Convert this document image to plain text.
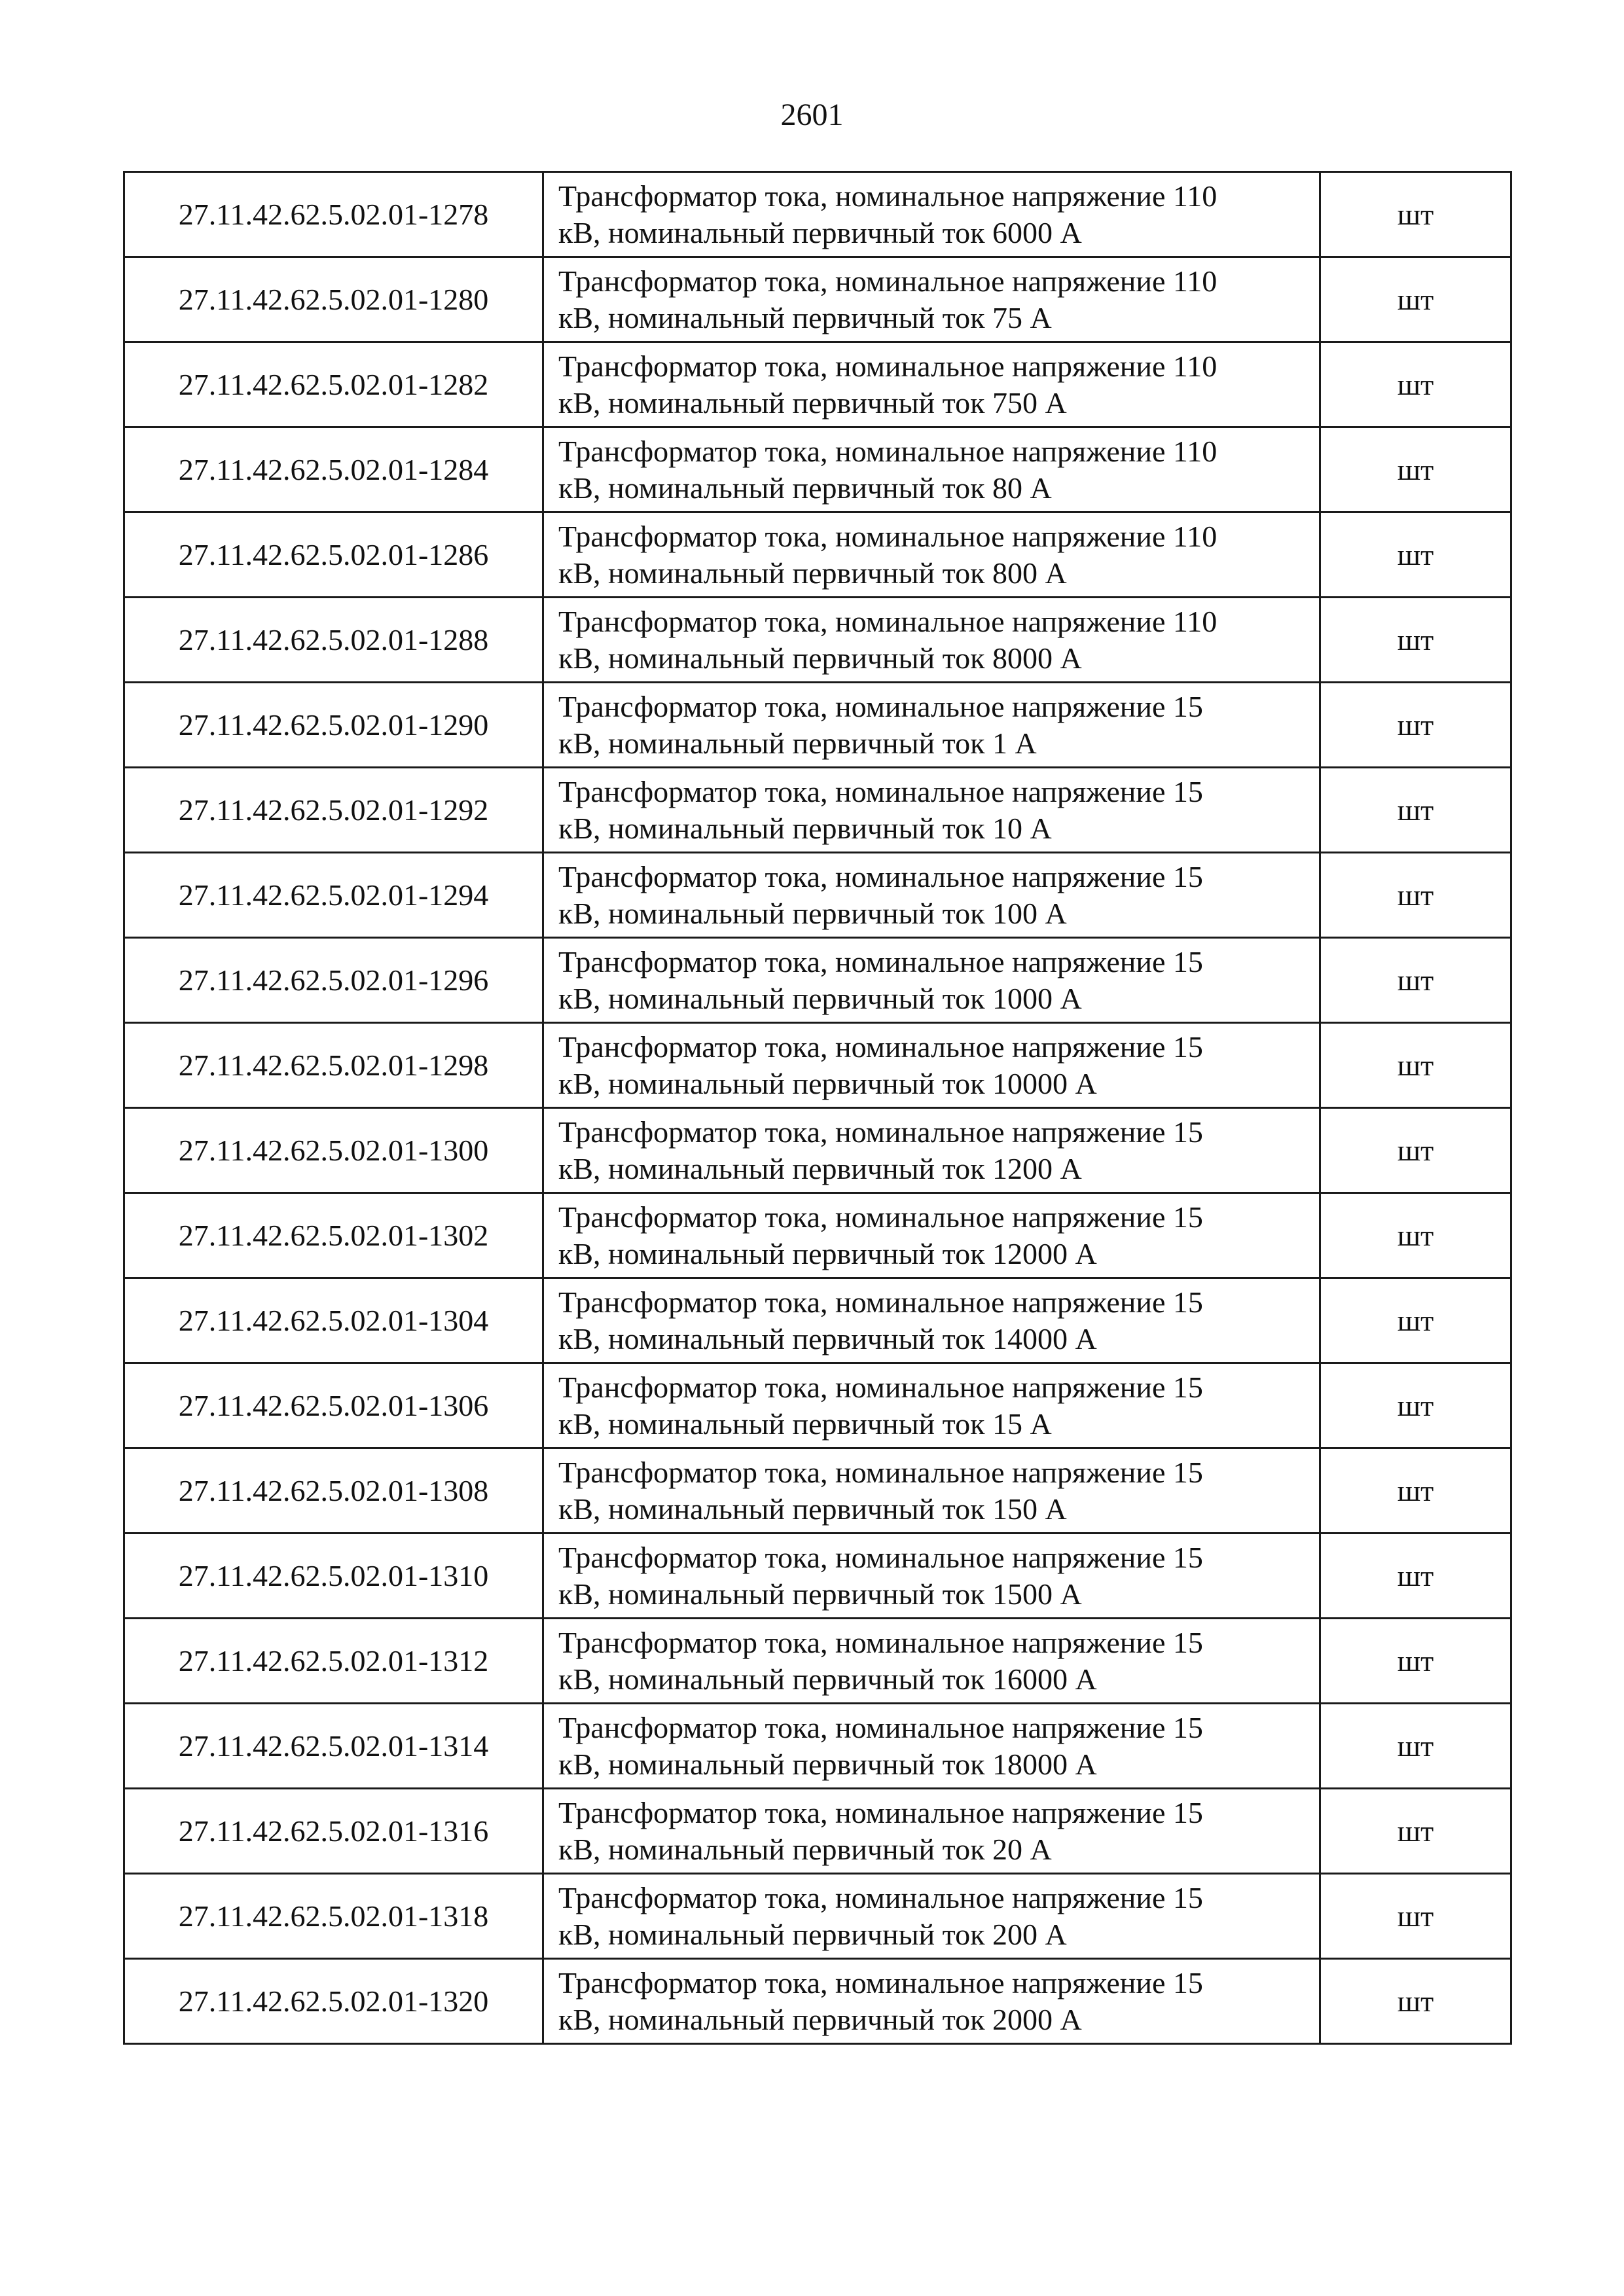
2601
27.11.42.62.5.02.01-1278	Трансформатор тока, номинальное напряжение 110
кВ, номинальный первичный ток 6000 А	шт
27.11.42.62.5.02.01-1280	Трансформатор тока, номинальное напряжение 110
кВ, номинальный первичный ток 75 А	шт
27.11.42.62.5.02.01-1282	Трансформатор тока, номинальное напряжение 110
кВ, номинальный первичный ток 750 А	шт
27.11.42.62.5.02.01-1284	Трансформатор тока, номинальное напряжение 110
кВ, номинальный первичный ток 80 А	шт
27.11.42.62.5.02.01-1286	Трансформатор тока, номинальное напряжение 110
кВ, номинальный первичный ток 800 А	шт
27.11.42.62.5.02.01-1288	Трансформатор тока, номинальное напряжение 110
кВ, номинальный первичный ток 8000 А	шт
27.11.42.62.5.02.01-1290	Трансформатор тока, номинальное напряжение 15
кВ, номинальный первичный ток 1 А	шт
27.11.42.62.5.02.01-1292	Трансформатор тока, номинальное напряжение 15
кВ, номинальный первичный ток 10 А	шт
27.11.42.62.5.02.01-1294	Трансформатор тока, номинальное напряжение 15
кВ, номинальный первичный ток 100 А	шт
27.11.42.62.5.02.01-1296	Трансформатор тока, номинальное напряжение 15
кВ, номинальный первичный ток 1000 А	шт
27.11.42.62.5.02.01-1298	Трансформатор тока, номинальное напряжение 15
кВ, номинальный первичный ток 10000 А	шт
27.11.42.62.5.02.01-1300	Трансформатор тока, номинальное напряжение 15
кВ, номинальный первичный ток 1200 А	шт
27.11.42.62.5.02.01-1302	Трансформатор тока, номинальное напряжение 15
кВ, номинальный первичный ток 12000 А	шт
27.11.42.62.5.02.01-1304	Трансформатор тока, номинальное напряжение 15
кВ, номинальный первичный ток 14000 А	шт
27.11.42.62.5.02.01-1306	Трансформатор тока, номинальное напряжение 15
кВ, номинальный первичный ток 15 А	шт
27.11.42.62.5.02.01-1308	Трансформатор тока, номинальное напряжение 15
кВ, номинальный первичный ток 150 А	шт
27.11.42.62.5.02.01-1310	Трансформатор тока, номинальное напряжение 15
кВ, номинальный первичный ток 1500 А	шт
27.11.42.62.5.02.01-1312	Трансформатор тока, номинальное напряжение 15
кВ, номинальный первичный ток 16000 А	шт
27.11.42.62.5.02.01-1314	Трансформатор тока, номинальное напряжение 15
кВ, номинальный первичный ток 18000 А	шт
27.11.42.62.5.02.01-1316	Трансформатор тока, номинальное напряжение 15
кВ, номинальный первичный ток 20 А	шт
27.11.42.62.5.02.01-1318	Трансформатор тока, номинальное напряжение 15
кВ, номинальный первичный ток 200 А	шт
27.11.42.62.5.02.01-1320	Трансформатор тока, номинальное напряжение 15
кВ, номинальный первичный ток 2000 А	шт
